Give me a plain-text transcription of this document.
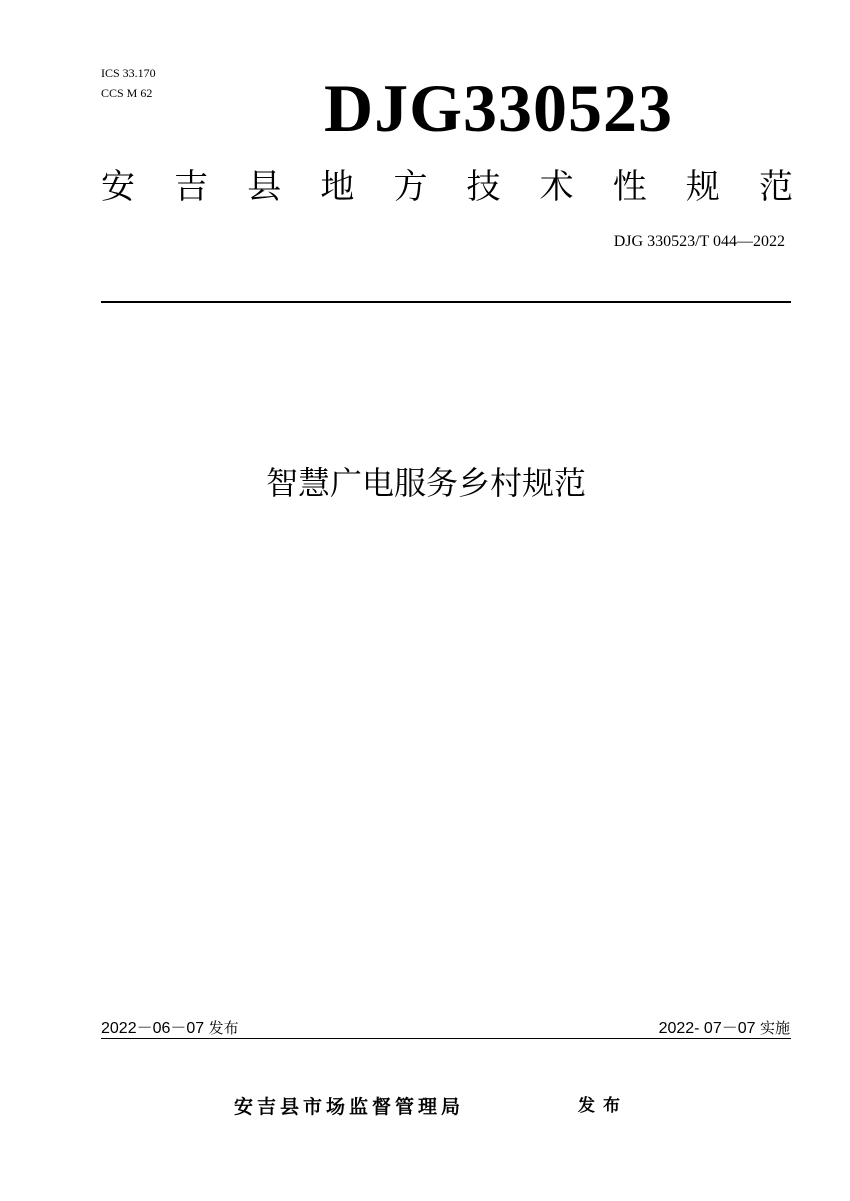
ICS 33.170
CCS M 62	DJG330523
安 吉 县 地 方 技 术 性 规 范
DJG 330523/T 044—2022
智慧广电服务乡村规范
2022－06－07 发布	2022- 07－07 实施
安吉县市场监督管理局	发布
